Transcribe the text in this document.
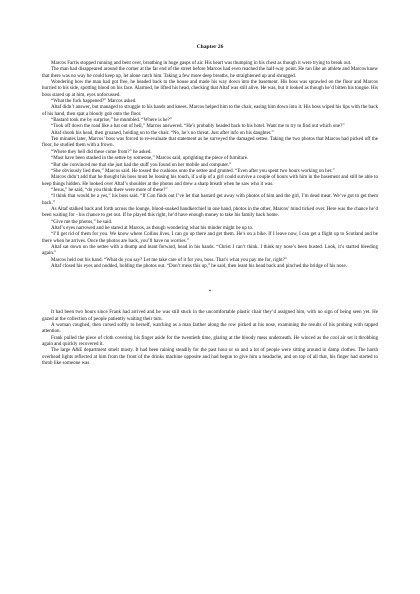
Chapter 26

Marcos Farris stopped running and bent over, breathing in huge gasps of air. His heart was thumping in his chest as though it were trying to break out.

The man had disappeared around the corner at the far end of the street before Marcos had even reached the half-way point. He ran like an athlete and Marcos knew that there was no way he could keep up, let alone catch him. Taking a few more deep breaths, he straightened up and shrugged.

Wondering how the man had got free, he headed back to the house and made his way down into the basement. His boss was sprawled on the floor and Marcos hurried to his side, spotting blood on his face. Alarmed, he lifted his head, checking that Altaf was still alive. He was, but it looked as though he’d bitten his tongue. His boss stared up at him, eyes unfocussed.

“What the fuck happened?” Marcos asked.

Altaf didn’t answer, but managed to struggle to his hands and knees. Marcos helped him to the chair, easing him down into it. His boss wiped his lips with the back of his hand, then spat a bloody gob onto the floor.

“Bastard took me by surprise,” he mumbled. “Where is he?”

“Took off down the road like a bat out of hell,” Marcos answered. “He’s probably headed back to his hotel. Want me to try to find out which one?”

Altaf shook his head, then groaned, holding on to the chair. “No, he’s no threat. Just after info on his daughter.”

Ten minutes later, Marcos’ boss was forced to re-evaluate that statement as he surveyed the damaged settee. Taking the two photos that Marcos had picked off the floor, he studied them with a frown.

“Where they hell did these come from?” he asked.

“Must have been stashed in the settee by someone,” Marcos said, uprighting the piece of furniture.

“But she convinced me that she just had the stuff you found on her mobile and computer.”

“She obviously lied then,” Marcos said. He tossed the cushions onto the settee and grunted. “Even after you spent two hours working on her.”

Marcos didn’t add that he thought his boss must be loosing his touch, if a slip of a girl could survive a couple of hours with him in the basement and still be able to keep things hidden. He looked over Altaf’s shoulder at the photos and drew a sharp breath when he saw who it was.

“Jesus,” he said, “do you think there were more of these?”

“I think that would be a yes,” his boss said. “If Con finds out I’ve let that bastard get away with photos of him and the girl, I’m dead meat. We’ve got to get them back.”

As Altaf stalked back and forth across the lounge, blood-soaked handkerchief in one hand, photos in the other, Marcos’ mind ticked over. Here was the chance he’d been waiting for - his chance to get out. If he played this right, he’d have enough money to take his family back home.

“Give me the photos,” he said.

Altaf’s eyes narrowed and he stared at Marcos, as though wondering what his minder might be up to.

“I’ll get rid of them for you. We know where Collins lives. I can go up there and get them. He’s on a bike. If I leave now, I can get a flight up to Scotland and be there when he arrives. Once the photos are back, you’ll have no worries.”

Altaf sat down on the settee with a thump and leant forward, head in his hands. “Christ I can’t think. I think my nose’s been busted. Look, it’s started bleeding again.”

Marcos held out his hand. “What do you say? Let me take care of it for you, boss. That’s what you pay me for, right?”

Altaf closed his eyes and nodded, holding the photos out. “Don’t mess this up,” he said, then leant his head back and pinched the bridge of his nose.

*

It had been two hours since Frank had arrived and he was still stuck in the uncomfortable plastic chair they’d assigned him, with no sign of being seen yet. He gazed at the collection of people patiently waiting their turn.

A woman coughed, then cursed softly to herself, watching as a man farther along the row picked at his nose, examining the results of his probing with rapped attention.

Frank pulled the piece of cloth covering his finger aside for the twentieth time, glaring at the bloody mess underneath. He winced as the cool air set it throbbing again and quickly recovered it.

The large A&E department smelt musty. It had been raining steadily for the past hour or so and a lot of people were sitting around in damp clothes. The harsh overhead lights reflected at him from the front of the drinks machine opposite and had begun to give him a headache, and on top of all that, his finger had started to throb like someone was
